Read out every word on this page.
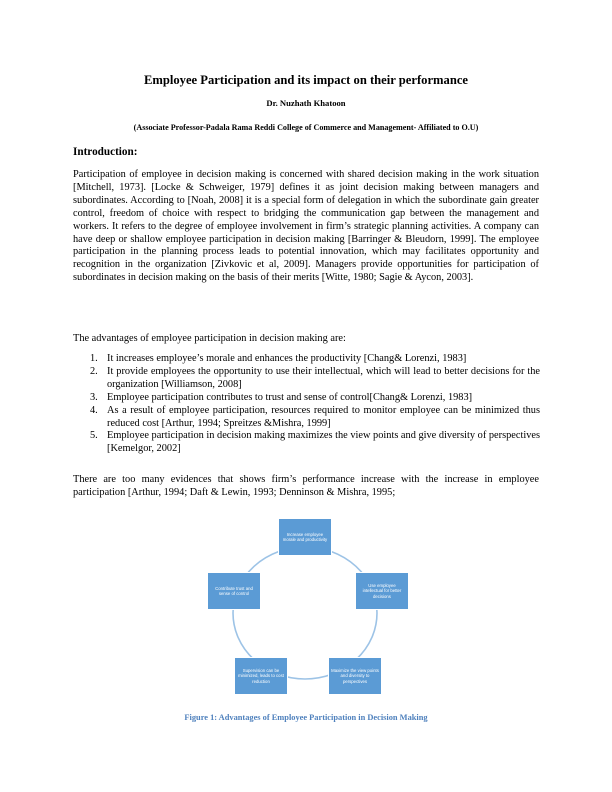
Employee Participation and its impact on their performance
Dr. Nuzhath Khatoon
(Associate Professor-Padala Rama Reddi College of Commerce and Management- Affiliated to O.U)
Introduction:

Participation of employee in decision making is concerned with shared decision making in the work situation [Mitchell, 1973]. [Locke & Schweiger, 1979] defines it as joint decision making between managers and subordinates. According to [Noah, 2008] it is a special form of delegation in which the subordinate gain greater control, freedom of choice with respect to bridging the communication gap between the management and workers. It refers to the degree of employee involvement in firm’s strategic planning activities. A company can have deep or shallow employee participation in decision making [Barringer & Bleudorn, 1999]. The employee participation in the planning process leads to potential innovation, which may facilitates opportunity and recognition in the organization [Zivkovic et al, 2009]. Managers provide opportunities for participation of subordinates in decision making on the basis of their merits [Witte, 1980; Sagie & Aycon, 2003].

The advantages of employee participation in decision making are:

1. It increases employee’s morale and enhances the productivity [Chang& Lorenzi, 1983]
2. It provide employees the opportunity to use their intellectual, which will lead to better decisions for the organization [Williamson, 2008]
3. Employee participation contributes to trust and sense of control[Chang& Lorenzi, 1983]
4. As a result of employee participation, resources required to monitor employee can be minimized thus reduced cost [Arthur, 1994; Spreitzes &Mishra, 1999]
5. Employee participation in decision making maximizes the view points and give diversity of perspectives [Kemelgor, 2002]

There are too many evidences that shows firm’s performance increase with the increase in employee participation [Arthur, 1994; Daft & Lewin, 1993; Denninson & Mishra, 1995;

Increase employee morale and productivity
Use employee intellectual for better decisions
Maximize the view points and diversity to perspectives
Supervision can be minimized, leads to cost reduction
Contribute trust and sense of control
Figure 1: Advantages of Employee Participation in Decision Making
